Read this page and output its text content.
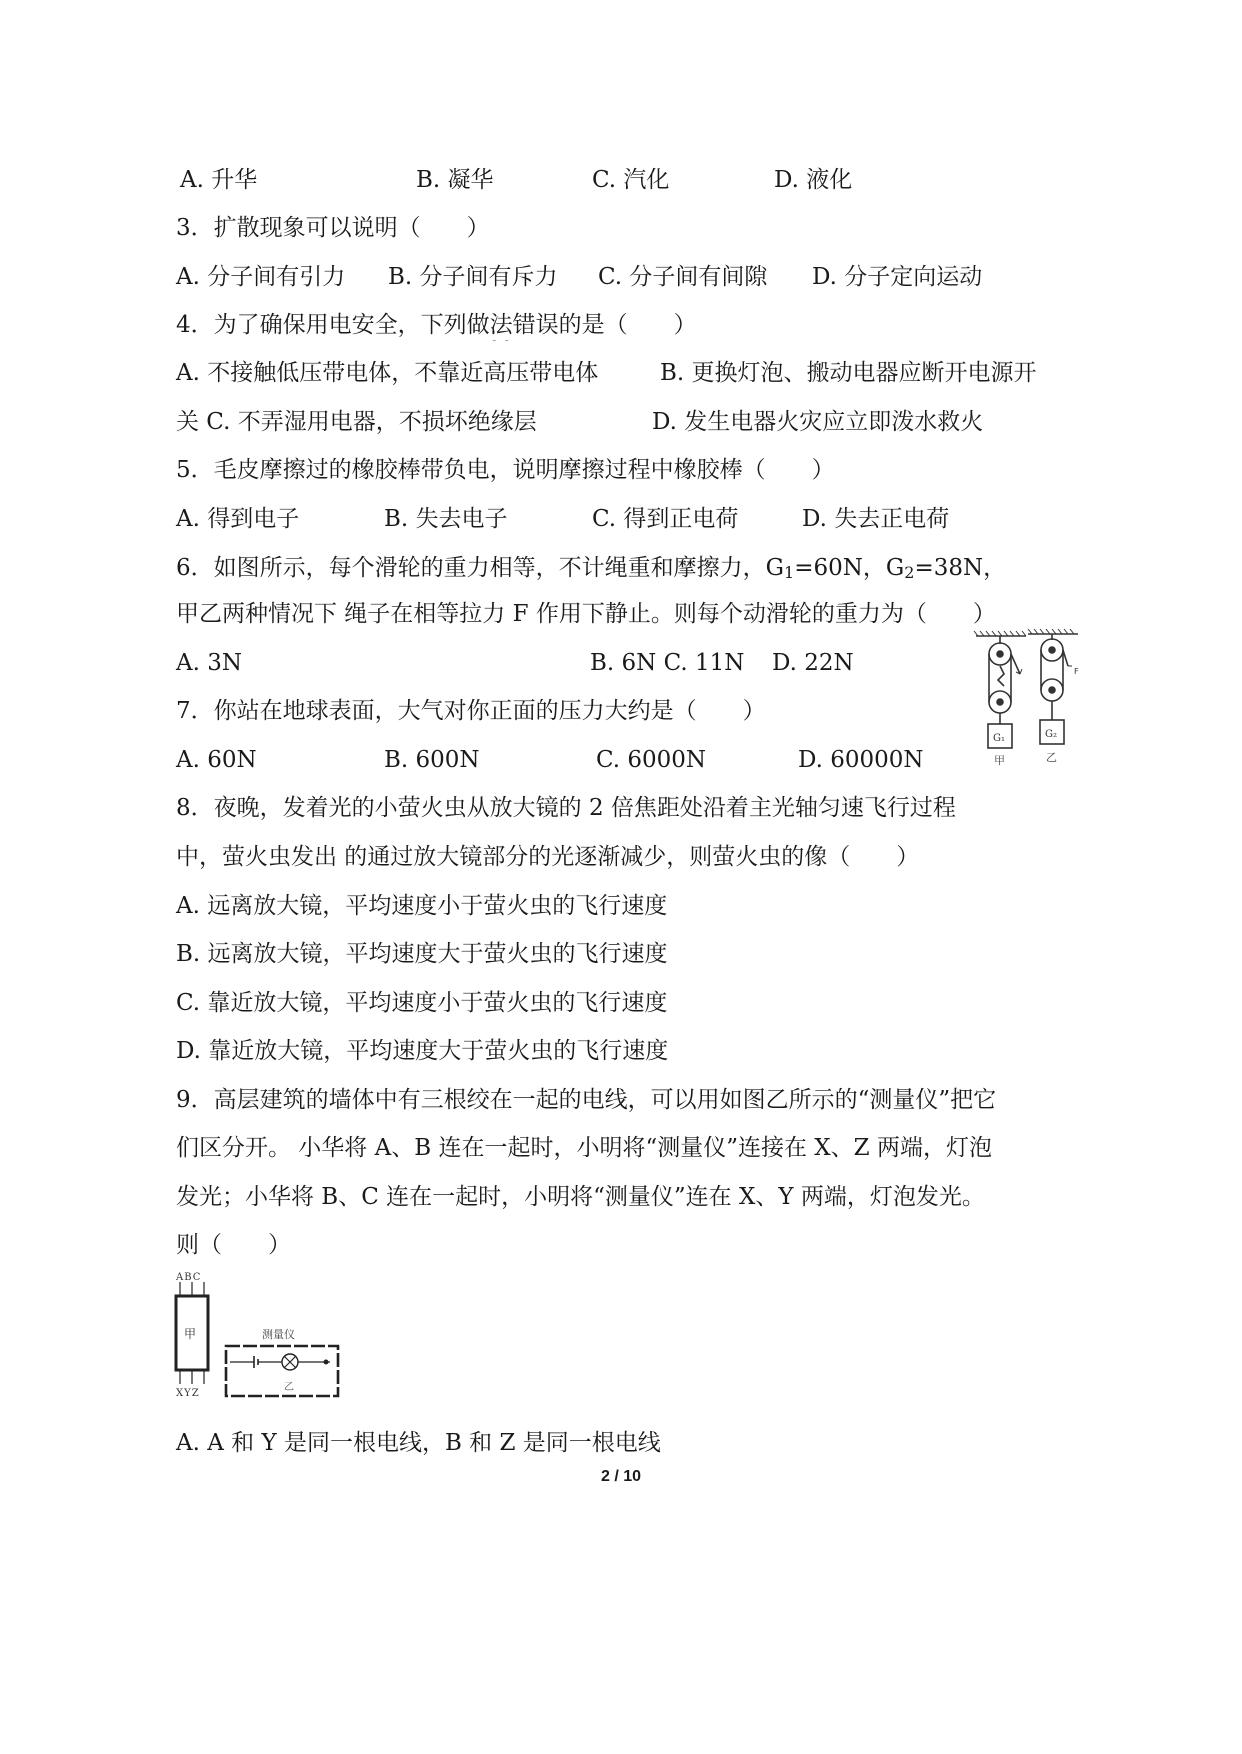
A. 升华	B. 凝华	C. 汽化	D. 液化
3．扩散现象可以说明（　　）
A. 分子间有引力 B. 分子间有斥力 C. 分子间有间隙 D. 分子定向运动
4．为了确保用电安全，下列做法错误的是（　　）
˘˘
A. 不接触低压带电体，不靠近高压带电体	B. 更换灯泡、搬动电器应断开电源开
关 C. 不弄湿用电器，不损坏绝缘层	D. 发生电器火灾应立即泼水救火
5．毛皮摩擦过的橡胶棒带负电，说明摩擦过程中橡胶棒（　　）
A. 得到电子	B. 失去电子	C. 得到正电荷	D. 失去正电荷
6．如图所示，每个滑轮的重力相等，不计绳重和摩擦力，$G_1=60N$，$G_2=38N$，
甲乙两种情况下 绳子在相等拉力 F 作用下静止。则每个动滑轮的重力为（　　）
A. 3N	B. 6N C. 11N D. 22N
G₁	G₂
F
甲	乙
7．你站在地球表面，大气对你正面的压力大约是（　　）
A. 60N	B. 600N	C. 6000N	D. 60000N
8．夜晚，发着光的小萤火虫从放大镜的 2 倍焦距处沿着主光轴匀速飞行过程
中，萤火虫发出 的通过放大镜部分的光逐渐减少，则萤火虫的像（　　）
A. 远离放大镜，平均速度小于萤火虫的飞行速度
B. 远离放大镜，平均速度大于萤火虫的飞行速度
C. 靠近放大镜，平均速度小于萤火虫的飞行速度
D. 靠近放大镜，平均速度大于萤火虫的飞行速度
9．高层建筑的墙体中有三根绞在一起的电线，可以用如图乙所示的“测量仪”把它
们区分开。 小华将 A、B 连在一起时，小明将“测量仪”连接在 X、Z 两端，灯泡
发光；小华将 B、C 连在一起时，小明将“测量仪”连在 X、Y 两端，灯泡发光。
则（　　）
ABC
甲
XYZ
测量仪
乙
A. A 和 Y 是同一根电线，B 和 Z 是同一根电线
2 / 10
